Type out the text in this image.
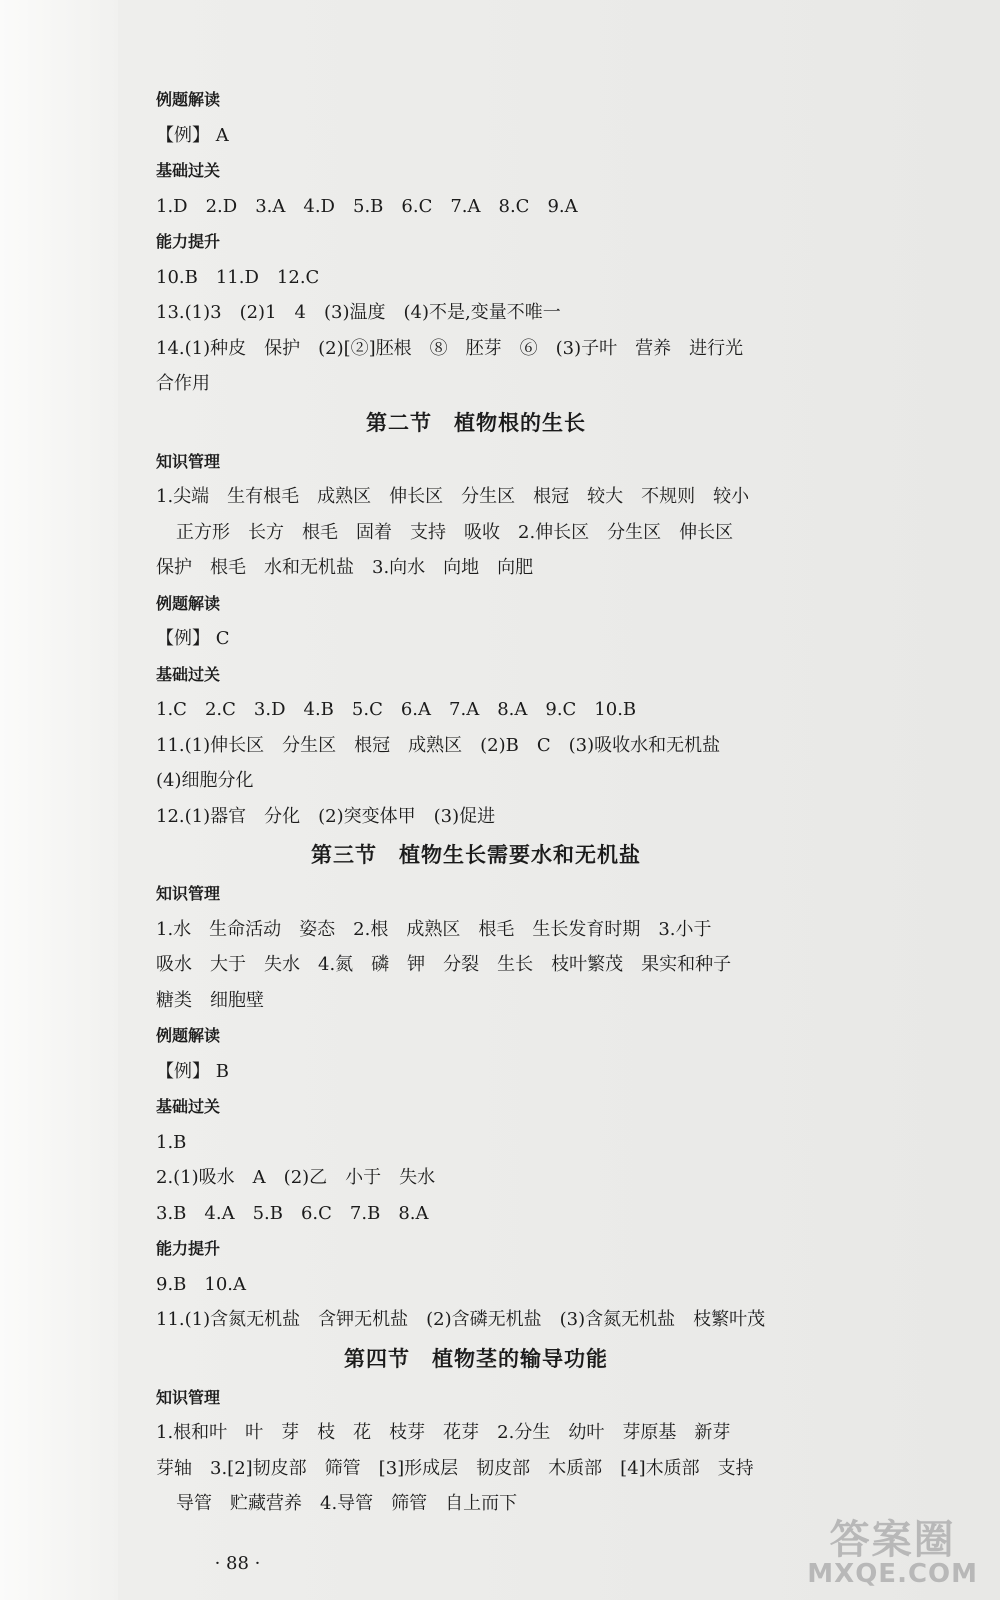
例题解读
【例】 A
基础过关
1.D　2.D　3.A　4.D　5.B　6.C　7.A　8.C　9.A
能力提升
10.B　11.D　12.C
13.(1)3　(2)1　4　(3)温度　(4)不是,变量不唯一
14.(1)种皮　保护　(2)[②]胚根　⑧　胚芽　⑥　(3)子叶　营养　进行光
合作用
第二节　植物根的生长
知识管理
1.尖端　生有根毛　成熟区　伸长区　分生区　根冠　较大　不规则　较小
正方形　长方　根毛　固着　支持　吸收　2.伸长区　分生区　伸长区
保护　根毛　水和无机盐　3.向水　向地　向肥
例题解读
【例】 C
基础过关
1.C　2.C　3.D　4.B　5.C　6.A　7.A　8.A　9.C　10.B
11.(1)伸长区　分生区　根冠　成熟区　(2)B　C　(3)吸收水和无机盐
(4)细胞分化
12.(1)器官　分化　(2)突变体甲　(3)促进
第三节　植物生长需要水和无机盐
知识管理
1.水　生命活动　姿态　2.根　成熟区　根毛　生长发育时期　3.小于
吸水　大于　失水　4.氮　磷　钾　分裂　生长　枝叶繁茂　果实和种子
糖类　细胞壁
例题解读
【例】 B
基础过关
1.B
2.(1)吸水　A　(2)乙　小于　失水
3.B　4.A　5.B　6.C　7.B　8.A
能力提升
9.B　10.A
11.(1)含氮无机盐　含钾无机盐　(2)含磷无机盐　(3)含氮无机盐　枝繁叶茂
第四节　植物茎的输导功能
知识管理
1.根和叶　叶　芽　枝　花　枝芽　花芽　2.分生　幼叶　芽原基　新芽
芽轴　3.[2]韧皮部　筛管　[3]形成层　韧皮部　木质部　[4]木质部　支持
导管　贮藏营养　4.导管　筛管　自上而下
· 88 ·
答案圈
MXQE.COM
